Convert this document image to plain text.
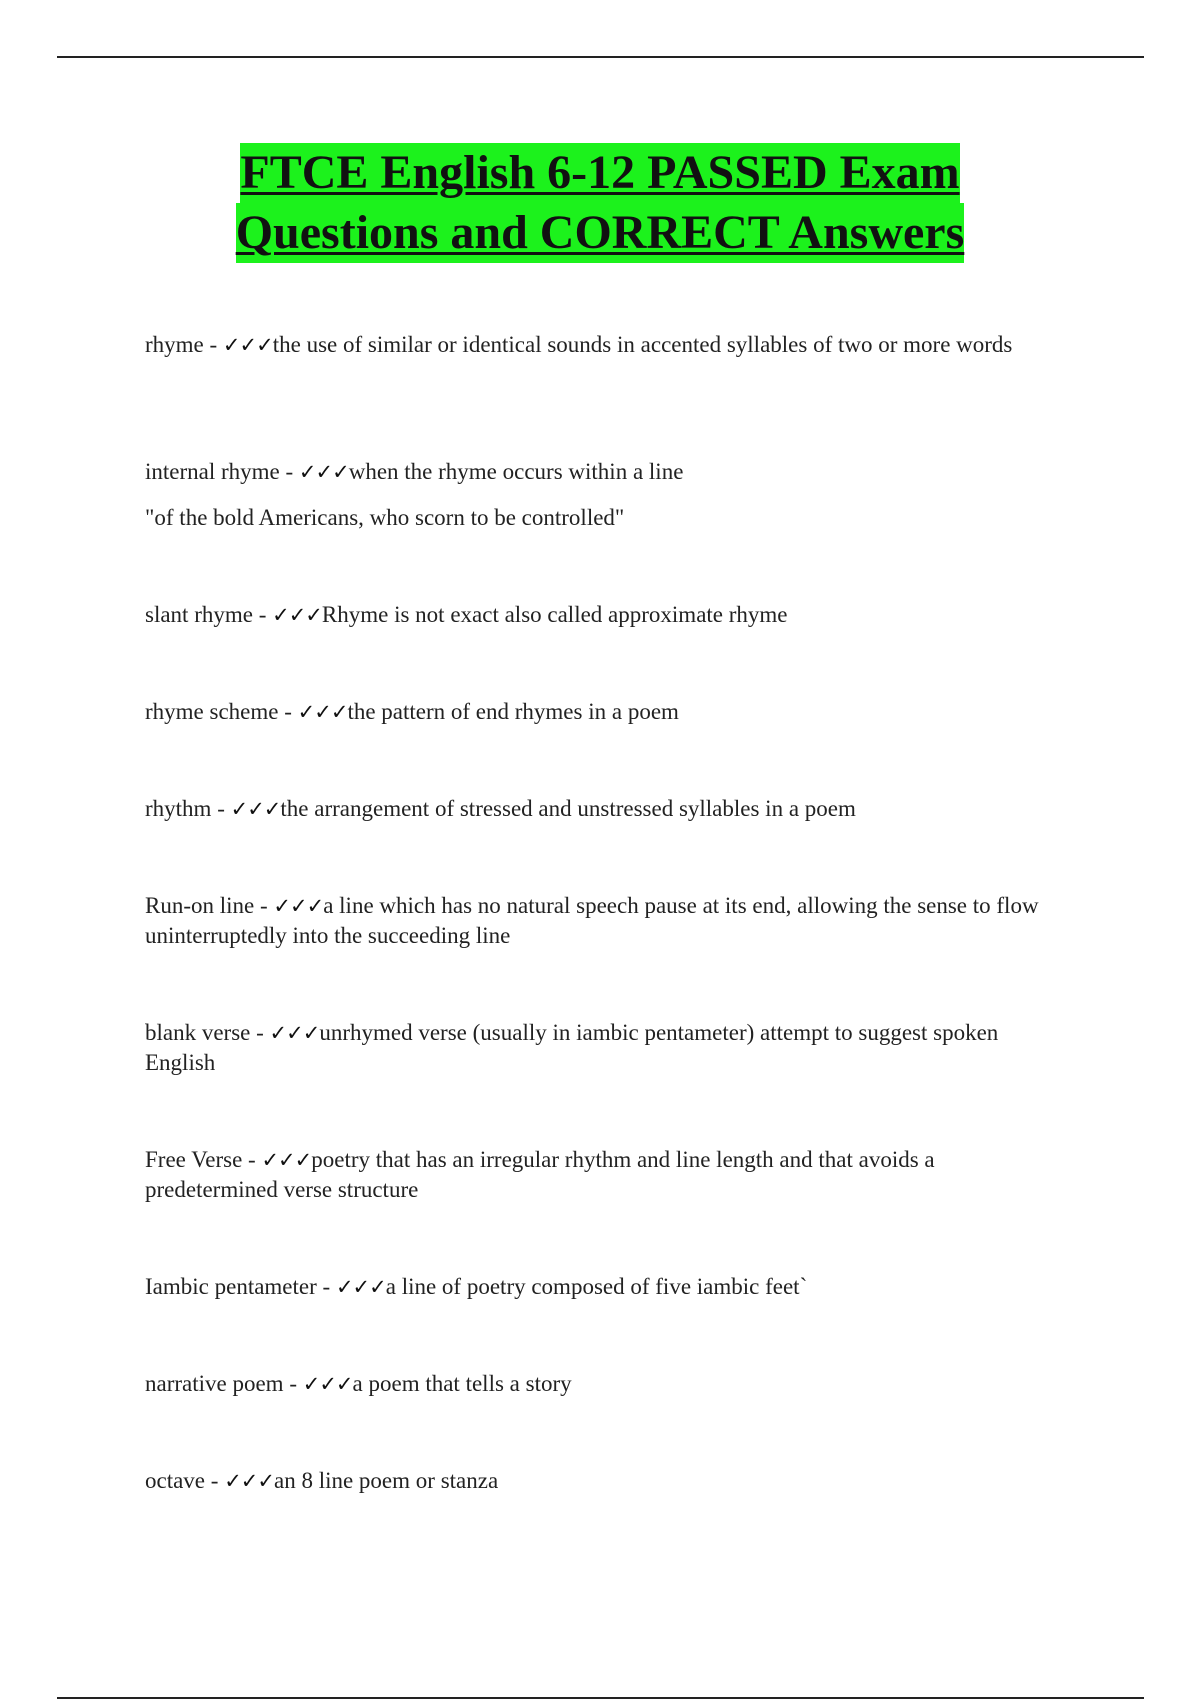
FTCE English 6-12 PASSED Exam
Questions and CORRECT Answers

rhyme - ✓✓✓the use of similar or identical sounds in accented syllables of two or more words

internal rhyme - ✓✓✓when the rhyme occurs within a line

"of the bold Americans, who scorn to be controlled"

slant rhyme - ✓✓✓Rhyme is not exact also called approximate rhyme

rhyme scheme - ✓✓✓the pattern of end rhymes in a poem

rhythm - ✓✓✓the arrangement of stressed and unstressed syllables in a poem

Run-on line - ✓✓✓a line which has no natural speech pause at its end, allowing the sense to flow uninterruptedly into the succeeding line

blank verse - ✓✓✓unrhymed verse (usually in iambic pentameter) attempt to suggest spoken English

Free Verse - ✓✓✓poetry that has an irregular rhythm and line length and that avoids a predetermined verse structure

Iambic pentameter - ✓✓✓a line of poetry composed of five iambic feet`

narrative poem - ✓✓✓a poem that tells a story

octave - ✓✓✓an 8 line poem or stanza
